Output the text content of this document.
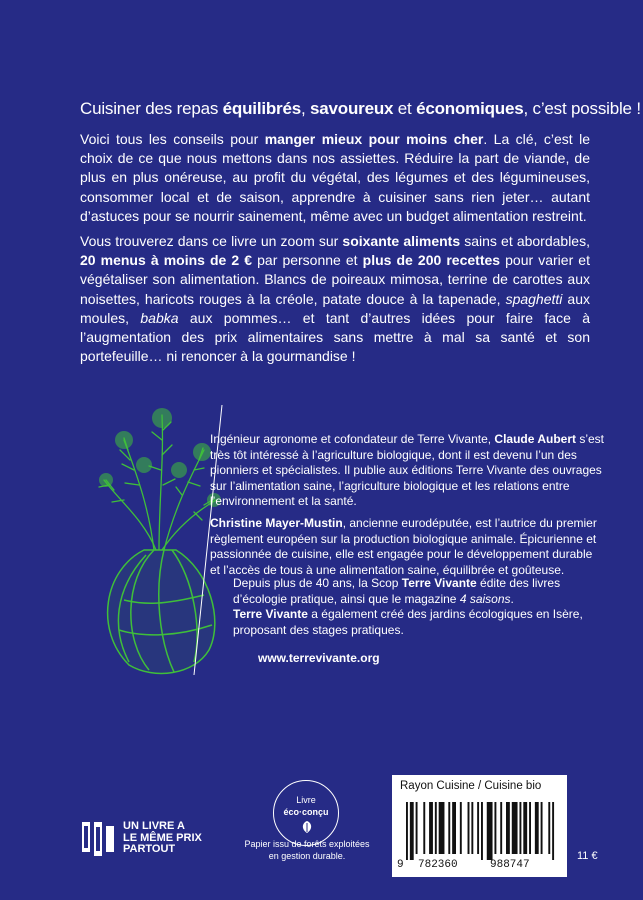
Cuisiner des repas équilibrés, savoureux et économiques, c’est possible !

Voici tous les conseils pour manger mieux pour moins cher. La clé, c’est le choix de ce que nous mettons dans nos assiettes. Réduire la part de viande, de plus en plus onéreuse, au profit du végétal, des légumes et des légumineuses, consommer local et de saison, apprendre à cuisiner sans rien jeter… autant d’astuces pour se nourrir sainement, même avec un budget alimentation restreint.

Vous trouverez dans ce livre un zoom sur soixante aliments sains et abordables, 20 menus à moins de 2 € par personne et plus de 200 recettes pour varier et végétaliser son alimentation. Blancs de poireaux mimosa, terrine de carottes aux noisettes, haricots rouges à la créole, patate douce à la tapenade, spaghetti aux moules, babka aux pommes… et tant d’autres idées pour faire face à l’augmentation des prix alimentaires sans mettre à mal sa santé et son portefeuille… ni renoncer à la gourmandise !

Ingénieur agronome et cofondateur de Terre Vivante, Claude Aubert s’est très tôt intéressé à l’agriculture biologique, dont il est devenu l’un des pionniers et spécialistes. Il publie aux éditions Terre Vivante des ouvrages sur l’alimentation saine, l’agriculture biologique et les relations entre l’environnement et la santé.

Christine Mayer-Mustin, ancienne eurodéputée, est l’autrice du premier règlement européen sur la production biologique animale. Épicurienne et passionnée de cuisine, elle est engagée pour le développement durable et l’accès de tous à une alimentation saine, équilibrée et goûteuse.

Depuis plus de 40 ans, la Scop Terre Vivante édite des livres d’écologie pratique, ainsi que le magazine 4 saisons.
Terre Vivante a également créé des jardins écologiques en Isère, proposant des stages pratiques.

www.terrevivante.org
UN LIVRE A
LE MÊME PRIX
PARTOUT
Livre
éco·conçu
Papier issu de forêts exploitées en gestion durable.
Rayon Cuisine / Cuisine bio
9 782360	988747
11 €
